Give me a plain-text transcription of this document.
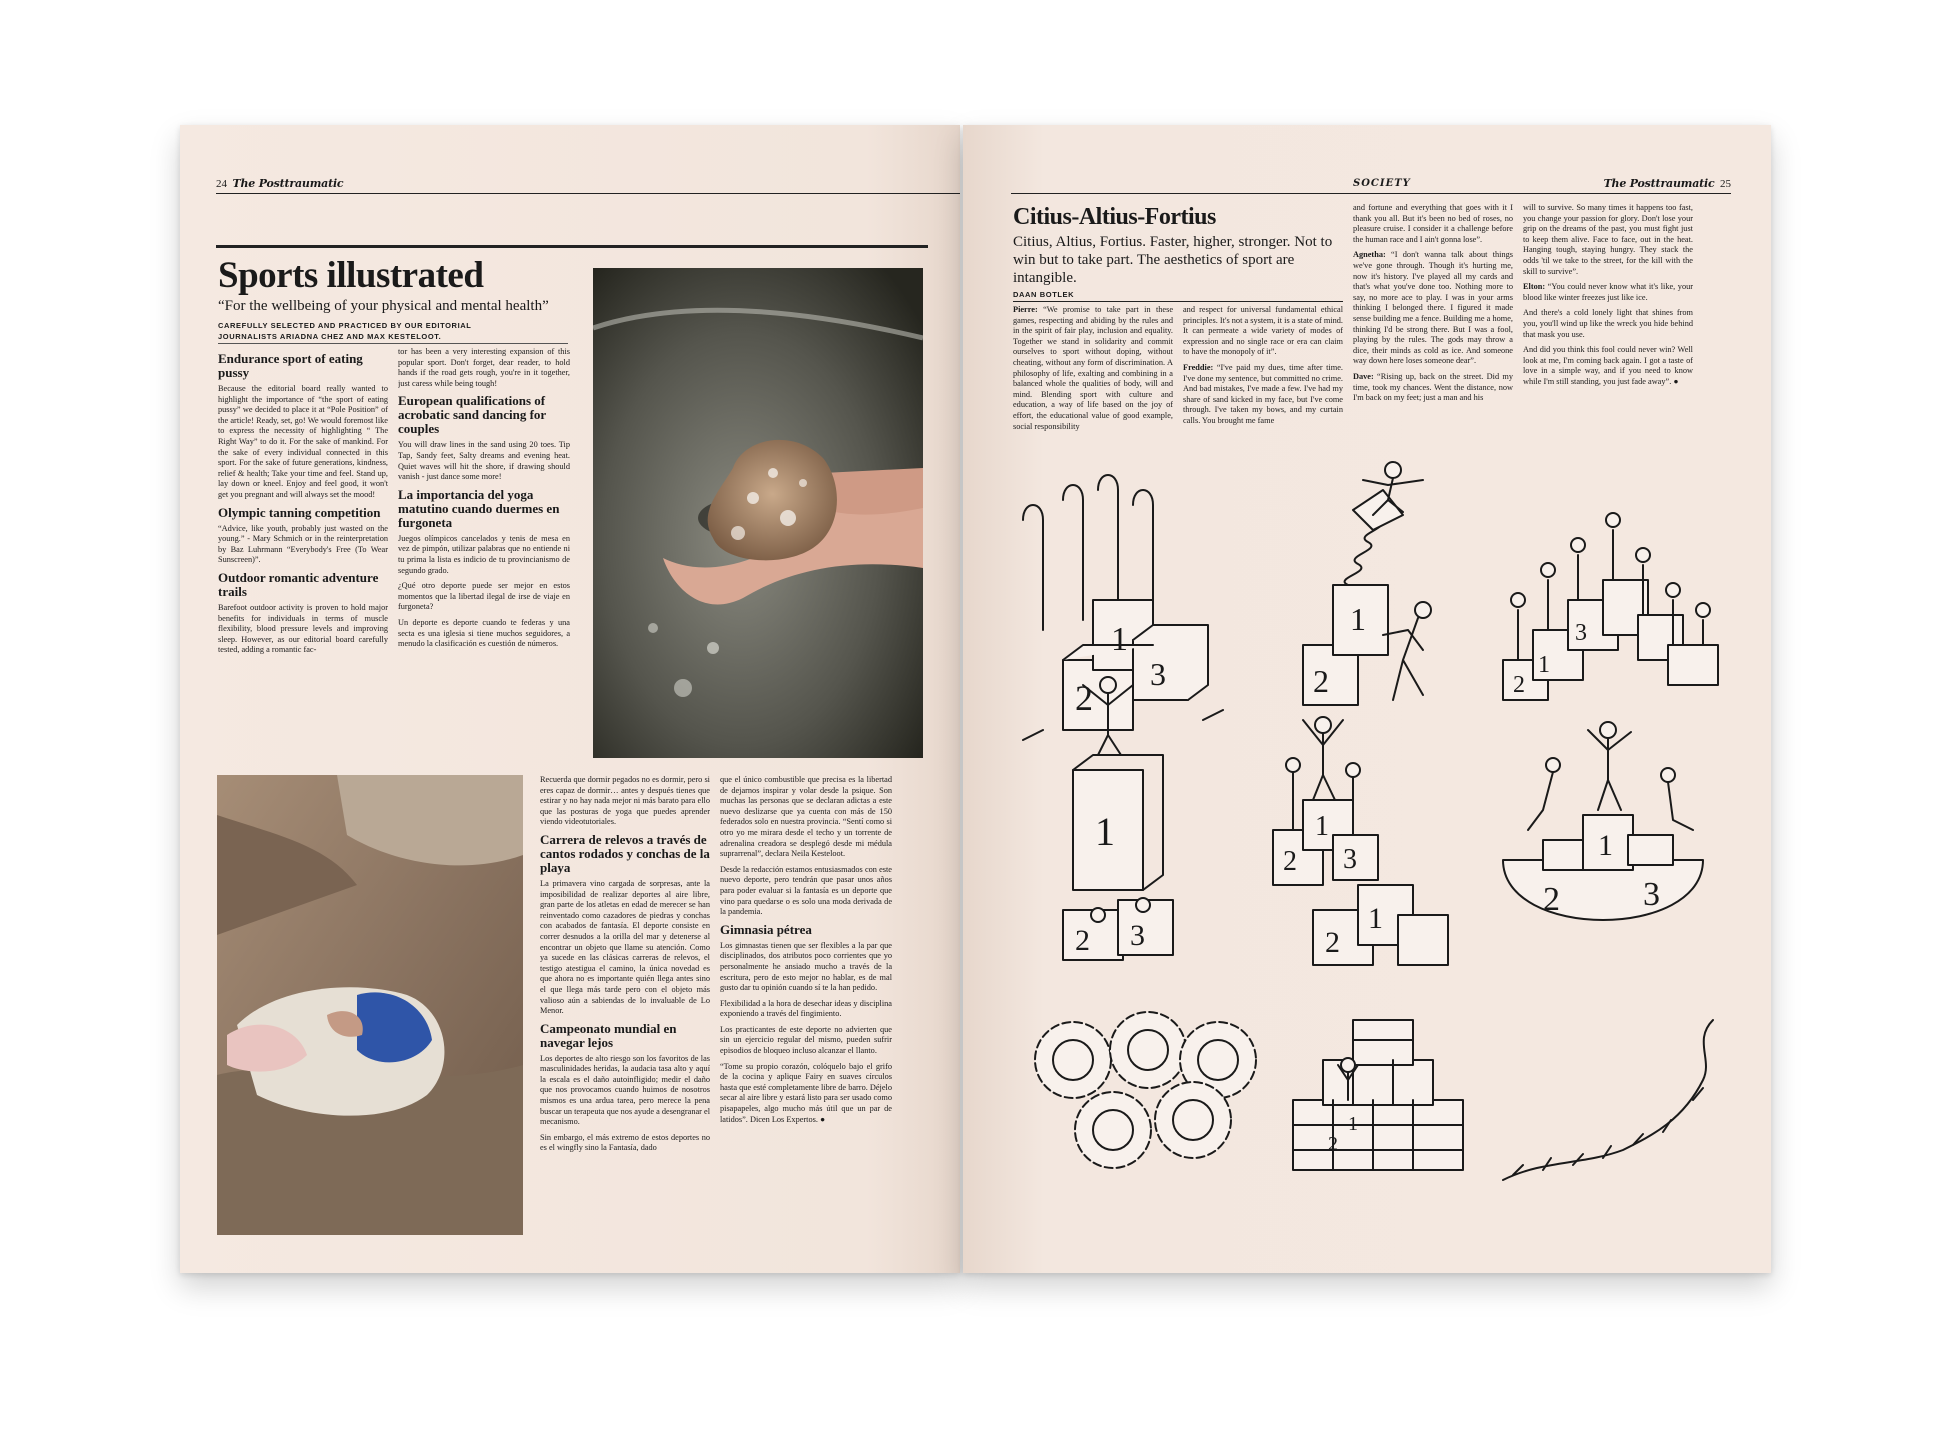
24 The Posttraumatic
Sports illustrated
“For the wellbeing of your physical and mental health”
CAREFULLY SELECTED AND PRACTICED BY OUR EDITORIAL
JOURNALISTS ARIADNA CHEZ AND MAX KESTELOOT.
Endurance sport of eating pussy

Because the editorial board really wanted to highlight the importance of “the sport of eating pussy” we decided to place it at “Pole Position” of the article! Ready, set, go! We would foremost like to express the necessity of highlighting “ The Right Way” to do it. For the sake of mankind. For the sake of every individual connected in this sport. For the sake of future generations, kindness, relief & health; Take your time and feel. Stand up, lay down or kneel. Enjoy and feel good, it won't get you pregnant and will always set the mood!

Olympic tanning competition

“Advice, like youth, probably just wasted on the young.” - Mary Schmich or in the reinterpretation by Baz Luhrmann “Everybody's Free (To Wear Sunscreen)”.

Outdoor romantic adventure trails

Barefoot outdoor activity is proven to hold major benefits for individuals in terms of muscle flexibility, blood pressure levels and improving sleep. However, as our editorial board carefully tested, adding a romantic fac-

tor has been a very interesting expansion of this popular sport. Don't forget, dear reader, to hold hands if the road gets rough, you're in it together, just caress while being tough!

European qualifications of acrobatic sand dancing for couples

You will draw lines in the sand using 20 toes. Tip Tap, Sandy feet, Salty dreams and evening heat. Quiet waves will hit the shore, if drawing should vanish - just dance some more!

La importancia del yoga matutino cuando duermes en furgoneta

Juegos olímpicos cancelados y tenis de mesa en vez de pimpón, utilizar palabras que no entiende ni tu prima la lista es indicio de tu provincianismo de segundo grado.

¿Qué otro deporte puede ser mejor en estos momentos que la libertad ilegal de irse de viaje en furgoneta?

Un deporte es deporte cuando te federas y una secta es una iglesia si tiene muchos seguidores, a menudo la clasificación es cuestión de números.

Recuerda que dormir pegados no es dormir, pero si eres capaz de dormir… antes y después tienes que estirar y no hay nada mejor ni más barato para ello que las posturas de yoga que puedes aprender viendo videotutoriales.

Carrera de relevos a través de cantos rodados y conchas de la playa

La primavera vino cargada de sorpresas, ante la imposibilidad de realizar deportes al aire libre, gran parte de los atletas en edad de merecer se han reinventado como cazadores de piedras y conchas con acabados de fantasía. El deporte consiste en correr desnudos a la orilla del mar y detenerse al encontrar un objeto que llame su atención. Como ya sucede en las clásicas carreras de relevos, el testigo atestigua el camino, la única novedad es que ahora no es importante quién llega antes sino el que llega más tarde pero con el objeto más valioso aún a sabiendas de lo invaluable de Lo Menor.

Campeonato mundial en navegar lejos

Los deportes de alto riesgo son los favoritos de las masculinidades heridas, la audacia tasa alto y aquí la escala es el daño autoinfligido; medir el daño que nos provocamos cuando huimos de nosotros mismos es una ardua tarea, pero merece la pena buscar un terapeuta que nos ayude a desengranar el mecanismo.

Sin embargo, el más extremo de estos deportes no es el wingfly sino la Fantasía, dado

que el único combustible que precisa es la libertad de dejarnos inspirar y volar desde la psique. Son muchas las personas que se declaran adictas a este nuevo deslizarse que ya cuenta con más de 150 federados solo en nuestra provincia. “Sentí como si otro yo me mirara desde el techo y un torrente de adrenalina creadora se desplegó desde mi médula suprarrenal”, declara Neila Kesteloot.

Desde la redacción estamos entusiasmados con este nuevo deporte, pero tendrán que pasar unos años para poder evaluar si la fantasía es un deporte que vino para quedarse o es solo una moda derivada de la pandemia.

Gimnasia pétrea

Los gimnastas tienen que ser flexibles a la par que disciplinados, dos atributos poco corrientes que yo personalmente he ansiado mucho a través de la escritura, pero de esto mejor no hablar, es de mal gusto dar tu opinión cuando sí te la han pedido.

Flexibilidad a la hora de desechar ideas y disciplina exponiendo a través del fingimiento.

Los practicantes de este deporte no advierten que sin un ejercicio regular del mismo, pueden sufrir episodios de bloqueo incluso alcanzar el llanto.

“Tome su propio corazón, colóquelo bajo el grifo de la cocina y aplique Fairy en suaves círculos hasta que esté completamente libre de barro. Déjelo secar al aire libre y estará listo para ser usado como pisapapeles, algo mucho más útil que un par de latidos”. Dicen Los Expertos. ●

SOCIETY	The Posttraumatic 25
Citius-Altius-Fortius
Citius, Altius, Fortius. Faster, higher, stronger. Not to win but to take part. The aesthetics of sport are intangible.
DAAN BOTLEK

Pierre: “We promise to take part in these games, respecting and abiding by the rules and in the spirit of fair play, inclusion and equality. Together we stand in solidarity and commit ourselves to sport without doping, without cheating, without any form of discrimination. A philosophy of life, exalting and combining in a balanced whole the qualities of body, will and mind. Blending sport with culture and education, a way of life based on the joy of effort, the educational value of good example, social responsibility

and respect for universal fundamental ethical principles. It's not a system, it is a state of mind. It can permeate a wide variety of modes of expression and no single race or era can claim to have the monopoly of it”.

Freddie: “I've paid my dues, time after time. I've done my sentence, but committed no crime. And bad mistakes, I've made a few. I've had my share of sand kicked in my face, but I've come through. I've taken my bows, and my curtain calls. You brought me fame

and fortune and everything that goes with it I thank you all. But it's been no bed of roses, no pleasure cruise. I consider it a challenge before the human race and I ain't gonna lose”.

Agnetha: “I don't wanna talk about things we've gone through. Though it's hurting me, now it's history. I've played all my cards and that's what you've done too. Nothing more to say, no more ace to play. I was in your arms thinking I belonged there. I figured it made sense building me a fence. Building me a home, thinking I'd be strong there. But I was a fool, playing by the rules. The gods may throw a dice, their minds as cold as ice. And someone way down here loses someone dear”.

Dave: “Rising up, back on the street. Did my time, took my chances. Went the distance, now I'm back on my feet; just a man and his

will to survive. So many times it happens too fast, you change your passion for glory. Don't lose your grip on the dreams of the past, you must fight just to keep them alive. Face to face, out in the heat. Hanging tough, staying hungry. They stack the odds 'til we take to the street, for the kill with the skill to survive”.

Elton: “You could never know what it's like, your blood like winter freezes just like ice.

And there's a cold lonely light that shines from you, you'll wind up like the wreck you hide behind that mask you use.

And did you think this fool could never win? Well look at me, I'm coming back again. I got a taste of love in a simple way, and if you need to know while I'm still standing, you just fade away”. ●

2
1
3	2
1
2
1
3
1
2 3
2
1
3
1
2
2
1
3
2
1
